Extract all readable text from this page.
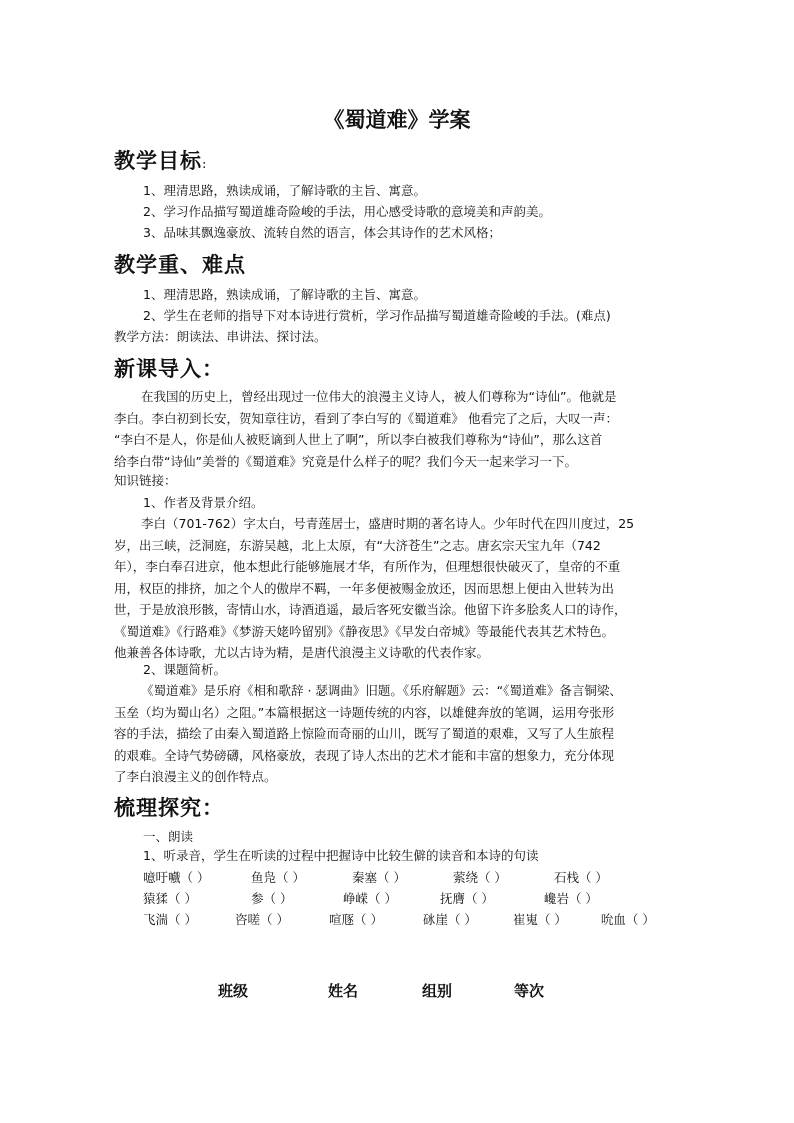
《蜀道难》学案
教学目标:
1、理清思路，熟读成诵，了解诗歌的主旨、寓意。
2、学习作品描写蜀道雄奇险峻的手法，用心感受诗歌的意境美和声韵美。
3、品味其飘逸豪放、流转自然的语言，体会其诗作的艺术风格；
教学重、难点
1、理清思路，熟读成诵，了解诗歌的主旨、寓意。
2、学生在老师的指导下对本诗进行赏析，学习作品描写蜀道雄奇险峻的手法。(难点)
教学方法：朗读法、串讲法、探讨法。
新课导入：
在我国的历史上，曾经出现过一位伟大的浪漫主义诗人，被人们尊称为“诗仙”。他就是
李白。李白初到长安，贺知章往访，看到了李白写的《蜀道难》 他看完了之后，大叹一声：
“李白不是人，你是仙人被贬谪到人世上了啊”，所以李白被我们尊称为“诗仙”，那么这首
给李白带“诗仙”美誉的《蜀道难》究竟是什么样子的呢？我们今天一起来学习一下。
知识链接：
1、作者及背景介绍。
李白（701-762）字太白，号青莲居士，盛唐时期的著名诗人。少年时代在四川度过，25
岁，出三峡，泛洞庭，东游吴越，北上太原，有“大济苍生”之志。唐玄宗天宝九年（742
年），李白奉召进京，他本想此行能够施展才华，有所作为，但理想很快破灭了，皇帝的不重
用，权臣的排挤，加之个人的傲岸不羁，一年多便被赐金放还，因而思想上便由入世转为出
世，于是放浪形骸，寄情山水，诗酒逍遥，最后客死安徽当涂。他留下许多脍炙人口的诗作，
《蜀道难》《行路难》《梦游天姥吟留别》《静夜思》《早发白帝城》等最能代表其艺术特色。
他兼善各体诗歌，尤以古诗为精，是唐代浪漫主义诗歌的代表作家。
2、课题简析。
《蜀道难》是乐府《相和歌辞 · 瑟调曲》旧题。《乐府解题》云：“《蜀道难》备言铜梁、
玉垒（均为蜀山名）之阻。”本篇根据这一诗题传统的内容，以雄健奔放的笔调，运用夸张形
容的手法，描绘了由秦入蜀道路上惊险而奇丽的山川，既写了蜀道的艰难，又写了人生旅程
的艰难。全诗气势磅礴，风格豪放，表现了诗人杰出的艺术才能和丰富的想象力，充分体现
了李白浪漫主义的创作特点。
梳理探究：
一、朗读
1、听录音，学生在听读的过程中把握诗中比较生僻的读音和本诗的句读
噫吁嚱（ ）	鱼凫（ ）	秦塞（ ）	萦绕（ ）	石栈（ ）
猿猱（ ）	参（ ）	峥嵘（ ）	抚膺（ ）	巉岩（ ）
飞湍（ ）	咨嗟（ ）	喧豗（ ）	砯崖（ ）	崔嵬（ ）	吮血（ ）
班级	姓名	组别	等次
